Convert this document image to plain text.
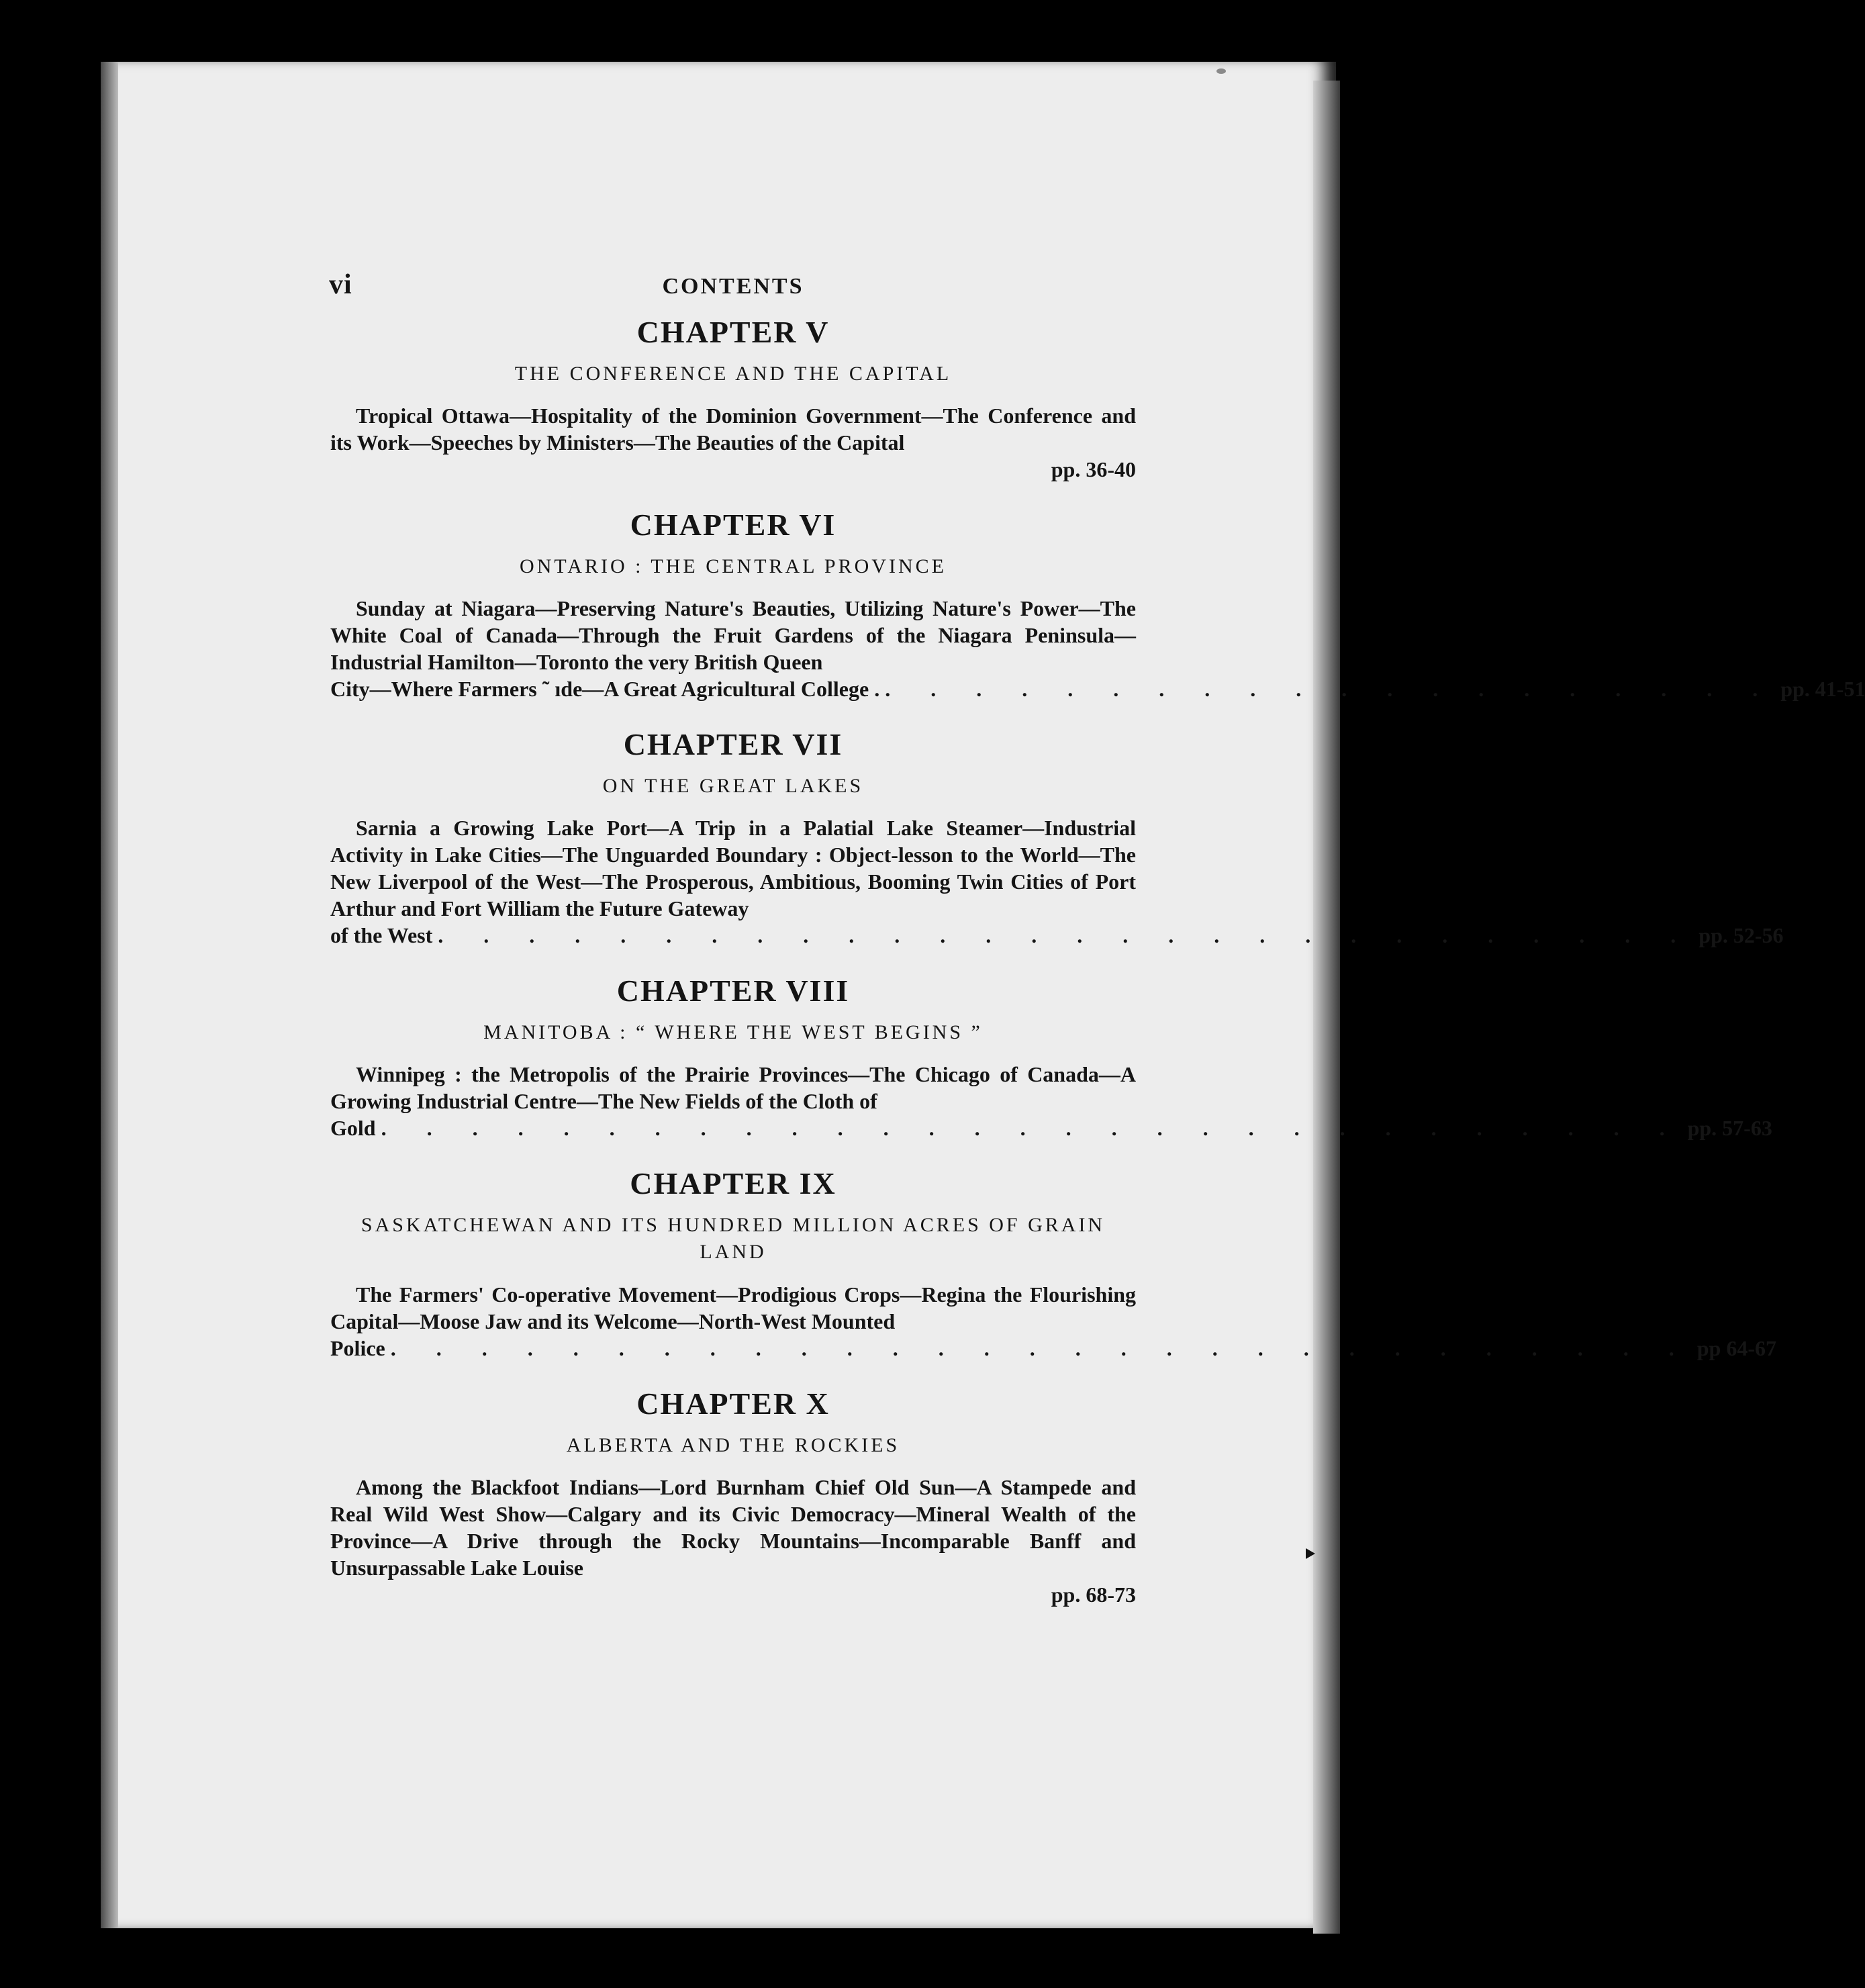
vi	CONTENTS
CHAPTER V
THE CONFERENCE AND THE CAPITAL

Tropical Ottawa—Hospitality of the Dominion Government—The Conference and its Work—Speeches by Ministers—The Beauties of the Capital

pp. 36-40

CHAPTER VI
ONTARIO : THE CENTRAL PROVINCE

Sunday at Niagara—Preserving Nature's Beauties, Utilizing Nature's Power—The White Coal of Canada—Through the Fruit Gardens of the Niagara Peninsula—Industrial Hamilton—Toronto the very British Queen

City—Where Farmers ˜ ıde—A Great Agricultural College . . . . . . . . . . . . . . . . . . . . . pp. 41-51
CHAPTER VII
ON THE GREAT LAKES

Sarnia a Growing Lake Port—A Trip in a Palatial Lake Steamer—Industrial Activity in Lake Cities—The Unguarded Boundary : Object-lesson to the World—The New Liverpool of the West—The Prosperous, Ambitious, Booming Twin Cities of Port Arthur and Fort William the Future Gateway

of the West . . . . . . . . . . . . . . . . . . . . . . . . . . . . pp. 52-56
CHAPTER VIII
MANITOBA : “ WHERE THE WEST BEGINS ”

Winnipeg : the Metropolis of the Prairie Provinces—The Chicago of Canada—A Growing Industrial Centre—The New Fields of the Cloth of

Gold . . . . . . . . . . . . . . . . . . . . . . . . . . . . . pp. 57-63
CHAPTER IX
SASKATCHEWAN AND ITS HUNDRED MILLION ACRES OF GRAIN LAND

The Farmers' Co-operative Movement—Prodigious Crops—Regina the Flourishing Capital—Moose Jaw and its Welcome—North-West Mounted

Police . . . . . . . . . . . . . . . . . . . . . . . . . . . . . pp 64-67
CHAPTER X
ALBERTA AND THE ROCKIES

Among the Blackfoot Indians—Lord Burnham Chief Old Sun—A Stampede and Real Wild West Show—Calgary and its Civic Democracy—Mineral Wealth of the Province—A Drive through the Rocky Mountains—Incomparable Banff and Unsurpassable Lake Louise

pp. 68-73
